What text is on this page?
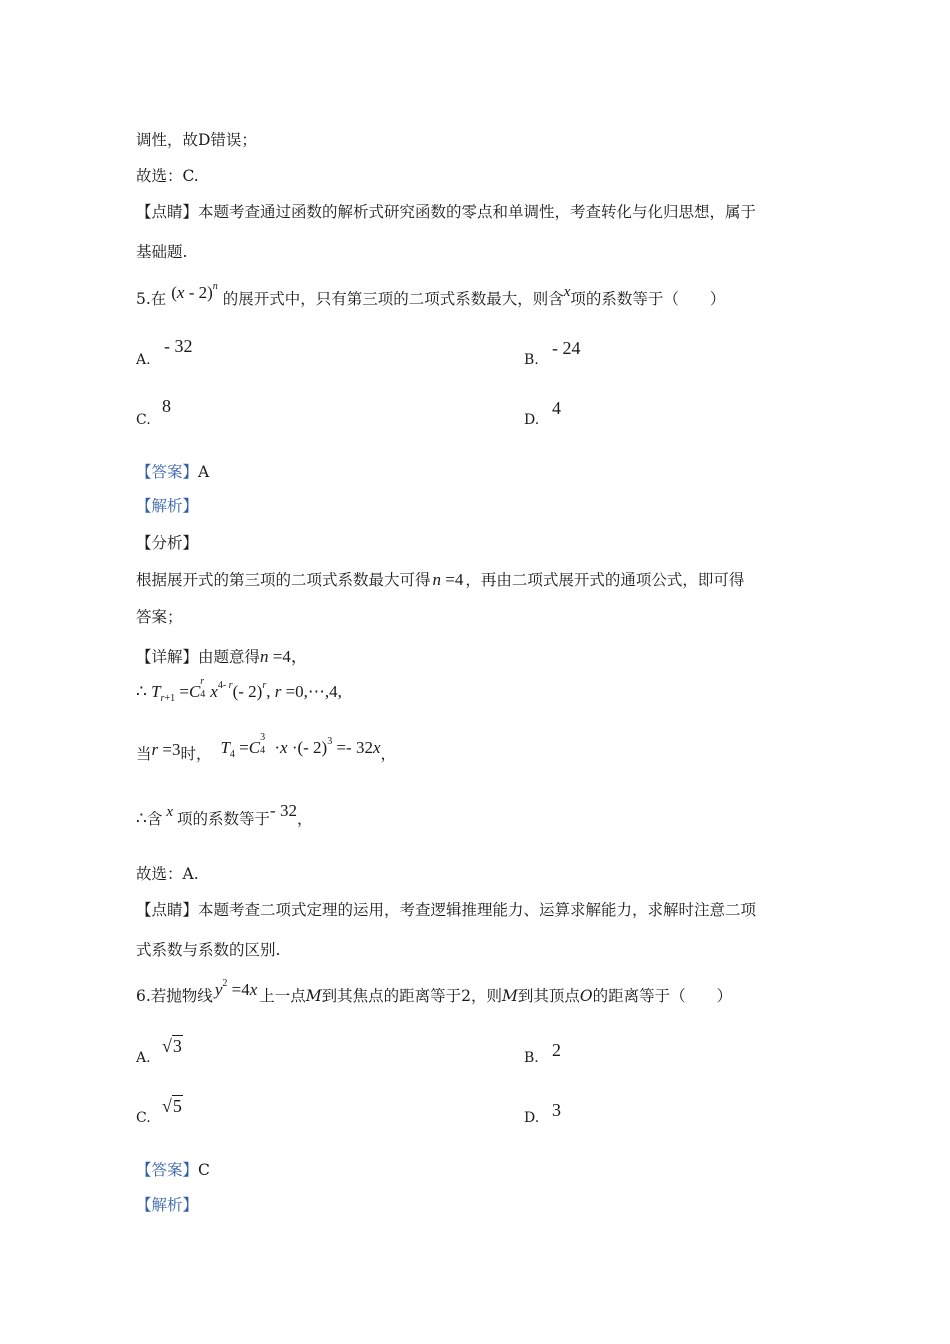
调性，故D错误；
故选：C.
【点睛】本题考查通过函数的解析式研究函数的零点和单调性，考查转化与化归思想，属于
基础题.
5.在 (x - 2)$^n$ 的展开式中，只有第三项的二项式系数最大，则含x项的系数等于（　　）
A.
- 32
B.
- 24
C.
8
D.
4
【答案】A
【解析】
【分析】
根据展开式的第三项的二项式系数最大可得 n =4 ，再由二项式展开式的通项公式，即可得
答案；
【详解】由题意得n =4，
∴ $T_{r+1} =C$
r
4 $x^{4- r}(-$ 2)$^r$, r =0,⋯,4,
当r =3时， $T_4 =C$
3
4 ·x ·(- 2)$^3$ =- 32x，
∴含 x 项的系数等于- 32，
故选：A.
【点睛】本题考查二项式定理的运用，考查逻辑推理能力、运算求解能力，求解时注意二项
式系数与系数的区别.
6.若抛物线 $y^2 =4x$ 上一点M到其焦点的距离等于2，则M到其顶点O的距离等于（　　）
A.
√3
B. 2
C.
√5
D. 3
【答案】C
【解析】
